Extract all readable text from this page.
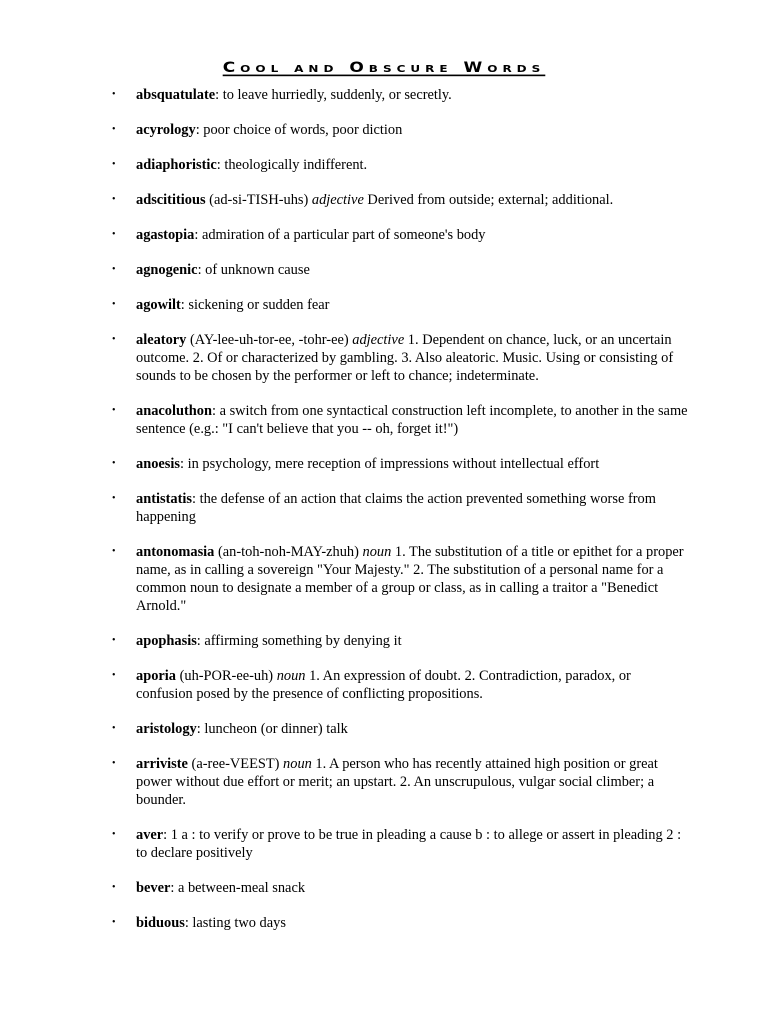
Cool and Obscure Words
• absquatulate: to leave hurriedly, suddenly, or secretly.
• acyrology: poor choice of words, poor diction
• adiaphoristic: theologically indifferent.
• adscititious (ad-si-TISH-uhs) adjective Derived from outside; external; additional.
• agastopia: admiration of a particular part of someone's body
• agnogenic: of unknown cause
• agowilt: sickening or sudden fear
• aleatory (AY-lee-uh-tor-ee, -tohr-ee) adjective 1. Dependent on chance, luck, or an uncertain outcome. 2. Of or characterized by gambling. 3. Also aleatoric. Music. Using or consisting of sounds to be chosen by the performer or left to chance; indeterminate.
• anacoluthon: a switch from one syntactical construction left incomplete, to another in the same sentence (e.g.: "I can't believe that you -- oh, forget it!")
• anoesis: in psychology, mere reception of impressions without intellectual effort
• antistatis: the defense of an action that claims the action prevented something worse from happening
• antonomasia (an-toh-noh-MAY-zhuh) noun 1. The substitution of a title or epithet for a proper name, as in calling a sovereign "Your Majesty." 2. The substitution of a personal name for a common noun to designate a member of a group or class, as in calling a traitor a "Benedict Arnold."
• apophasis: affirming something by denying it
• aporia (uh-POR-ee-uh) noun 1. An expression of doubt. 2. Contradiction, paradox, or confusion posed by the presence of conflicting propositions.
• aristology: luncheon (or dinner) talk
• arriviste (a-ree-VEEST) noun 1. A person who has recently attained high position or great power without due effort or merit; an upstart. 2. An unscrupulous, vulgar social climber; a bounder.
• aver: 1 a : to verify or prove to be true in pleading a cause b : to allege or assert in pleading 2 : to declare positively
• bever: a between-meal snack
• biduous: lasting two days
